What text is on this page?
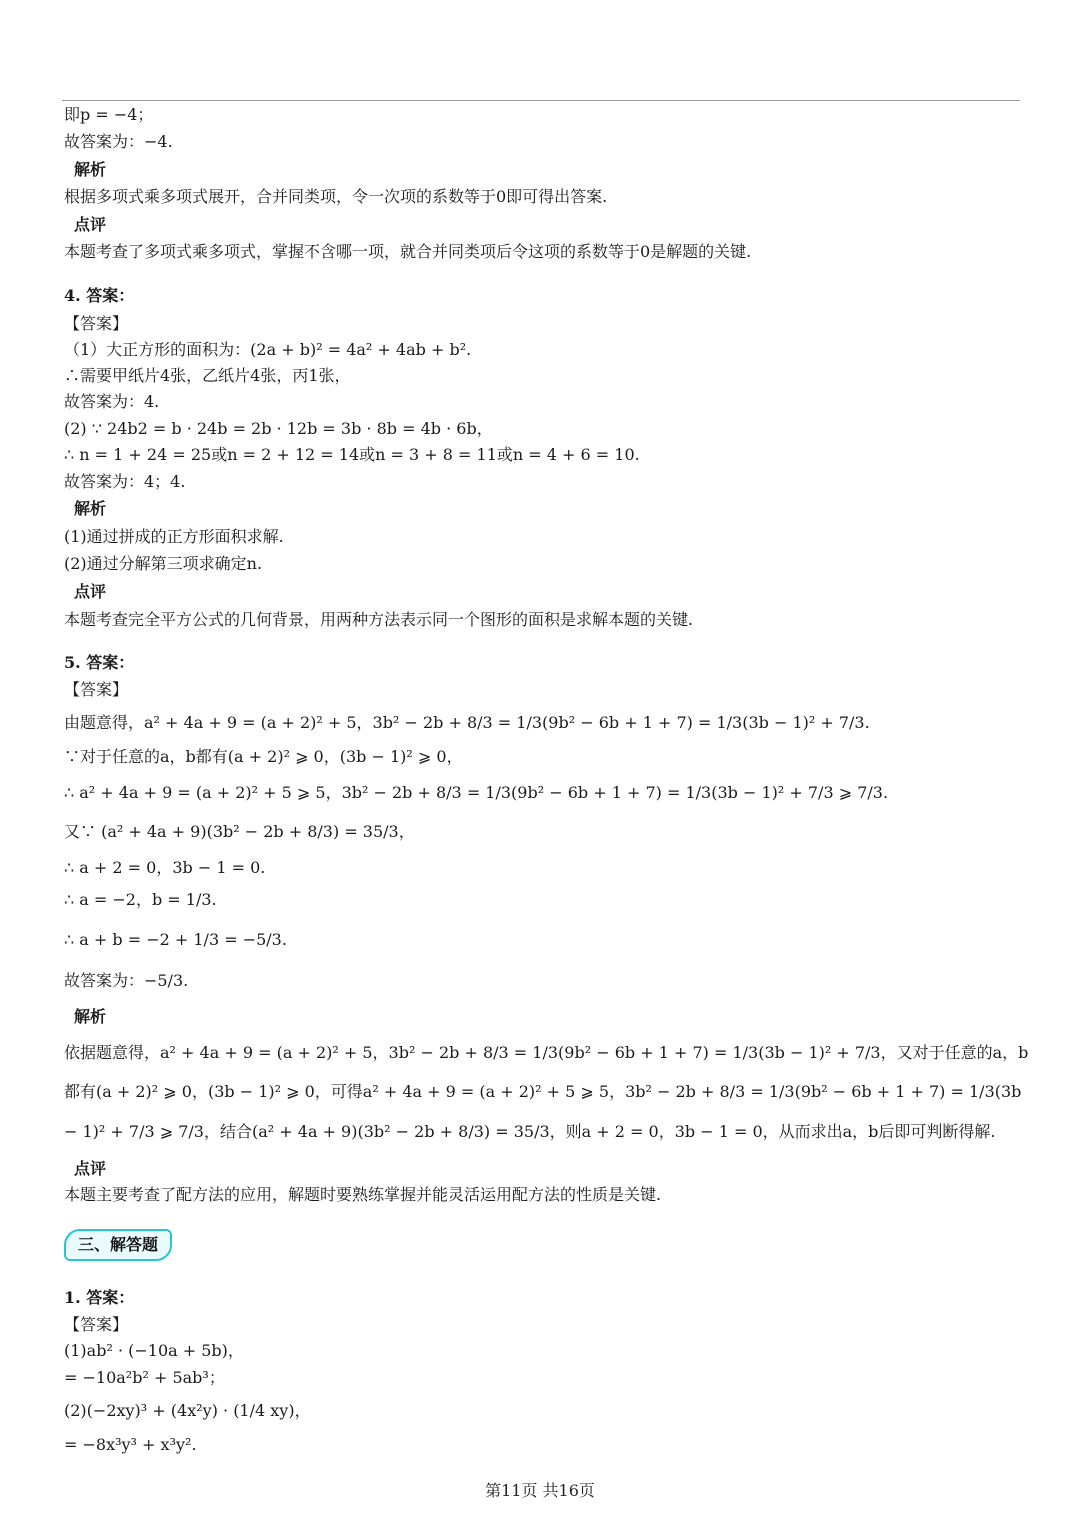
即p = −4；
故答案为：−4.
解析
根据多项式乘多项式展开，合并同类项，令一次项的系数等于0即可得出答案.
点评
本题考查了多项式乘多项式，掌握不含哪一项，就合并同类项后令这项的系数等于0是解题的关键.
4. 答案：
【答案】
（1）大正方形的面积为：(2a + b)² = 4a² + 4ab + b².
∴需要甲纸片4张，乙纸片4张，丙1张，
故答案为：4.
(2) ∵ 24b2 = b · 24b = 2b · 12b = 3b · 8b = 4b · 6b，
∴ n = 1 + 24 = 25或n = 2 + 12 = 14或n = 3 + 8 = 11或n = 4 + 6 = 10.
故答案为：4；4.
解析
(1)通过拼成的正方形面积求解.
(2)通过分解第三项求确定n.
点评
本题考查完全平方公式的几何背景，用两种方法表示同一个图形的面积是求解本题的关键.
5. 答案：
【答案】
由题意得，a² + 4a + 9 = (a + 2)² + 5，3b² − 2b + 8/3 = 1/3(9b² − 6b + 1 + 7) = 1/3(3b − 1)² + 7/3.
∵对于任意的a，b都有(a + 2)² ⩾ 0，(3b − 1)² ⩾ 0，
∴ a² + 4a + 9 = (a + 2)² + 5 ⩾ 5，3b² − 2b + 8/3 = 1/3(9b² − 6b + 1 + 7) = 1/3(3b − 1)² + 7/3 ⩾ 7/3.
又∵ (a² + 4a + 9)(3b² − 2b + 8/3) = 35/3，
∴ a + 2 = 0，3b − 1 = 0.
∴ a = −2，b = 1/3.
∴ a + b = −2 + 1/3 = −5/3.
故答案为：−5/3.
解析
依据题意得，a² + 4a + 9 = (a + 2)² + 5，3b² − 2b + 8/3 = 1/3(9b² − 6b + 1 + 7) = 1/3(3b − 1)² + 7/3，又对于任意的a，b
都有(a + 2)² ⩾ 0，(3b − 1)² ⩾ 0，可得a² + 4a + 9 = (a + 2)² + 5 ⩾ 5，3b² − 2b + 8/3 = 1/3(9b² − 6b + 1 + 7) = 1/3(3b
− 1)² + 7/3 ⩾ 7/3，结合(a² + 4a + 9)(3b² − 2b + 8/3) = 35/3，则a + 2 = 0，3b − 1 = 0，从而求出a，b后即可判断得解.
点评
本题主要考查了配方法的应用，解题时要熟练掌握并能灵活运用配方法的性质是关键.
三、解答题
1. 答案：
【答案】
(1)ab² · (−10a + 5b)，
= −10a²b² + 5ab³；
(2)(−2xy)³ + (4x²y) · (1/4 xy)，
= −8x³y³ + x³y².
第11页 共16页
